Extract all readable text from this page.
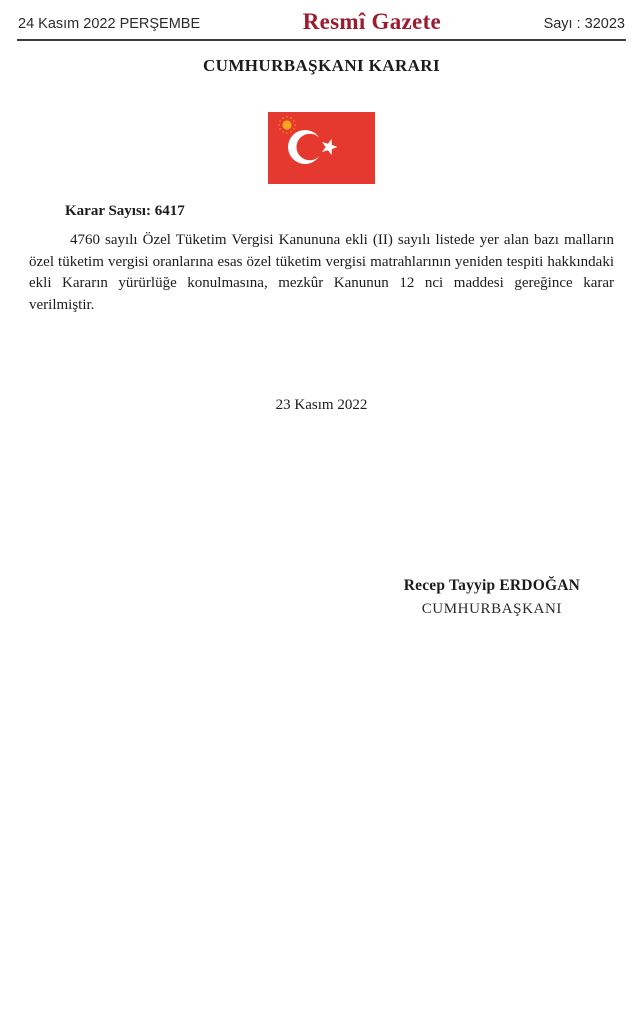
24 Kasım 2022 PERŞEMBE	Resmî Gazete	Sayı : 32023
CUMHURBAŞKANI KARARI

Karar Sayısı: 6417

4760 sayılı Özel Tüketim Vergisi Kanununa ekli (II) sayılı listede yer alan bazı malların özel tüketim vergisi oranlarına esas özel tüketim vergisi matrahlarının yeniden tespiti hakkındaki ekli Kararın yürürlüğe konulmasına, mezkûr Kanunun 12 nci maddesi gereğince karar verilmiştir.

23 Kasım 2022

Recep Tayyip ERDOĞAN
CUMHURBAŞKANI
